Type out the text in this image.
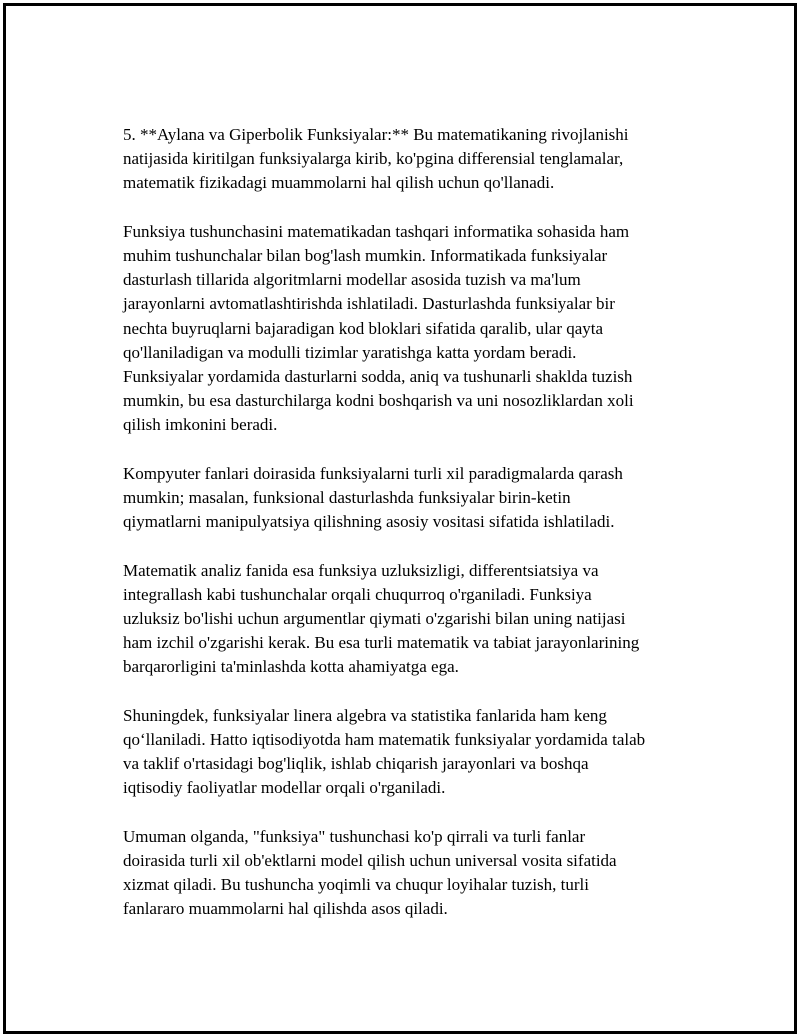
5. **Aylana va Giperbolik Funksiyalar:** Bu matematikaning rivojlanishi
natijasida kiritilgan funksiyalarga kirib, ko'pgina differensial tenglamalar,
matematik fizikadagi muammolarni hal qilish uchun qo'llanadi.

Funksiya tushunchasini matematikadan tashqari informatika sohasida ham
muhim tushunchalar bilan bog'lash mumkin. Informatikada funksiyalar
dasturlash tillarida algoritmlarni modellar asosida tuzish va ma'lum
jarayonlarni avtomatlashtirishda ishlatiladi. Dasturlashda funksiyalar bir
nechta buyruqlarni bajaradigan kod bloklari sifatida qaralib, ular qayta
qo'llaniladigan va modulli tizimlar yaratishga katta yordam beradi.
Funksiyalar yordamida dasturlarni sodda, aniq va tushunarli shaklda tuzish
mumkin, bu esa dasturchilarga kodni boshqarish va uni nosozliklardan xoli
qilish imkonini beradi.

Kompyuter fanlari doirasida funksiyalarni turli xil paradigmalarda qarash
mumkin; masalan, funksional dasturlashda funksiyalar birin-ketin
qiymatlarni manipulyatsiya qilishning asosiy vositasi sifatida ishlatiladi.

Matematik analiz fanida esa funksiya uzluksizligi, differentsiatsiya va
integrallash kabi tushunchalar orqali chuqurroq o'rganiladi. Funksiya
uzluksiz bo'lishi uchun argumentlar qiymati o'zgarishi bilan uning natijasi
ham izchil o'zgarishi kerak. Bu esa turli matematik va tabiat jarayonlarining
barqarorligini ta'minlashda kotta ahamiyatga ega.

Shuningdek, funksiyalar linera algebra va statistika fanlarida ham keng
qo‘llaniladi. Hatto iqtisodiyotda ham matematik funksiyalar yordamida talab
va taklif o'rtasidagi bog'liqlik, ishlab chiqarish jarayonlari va boshqa
iqtisodiy faoliyatlar modellar orqali o'rganiladi.

Umuman olganda, "funksiya" tushunchasi ko'p qirrali va turli fanlar
doirasida turli xil ob'ektlarni model qilish uchun universal vosita sifatida
xizmat qiladi. Bu tushuncha yoqimli va chuqur loyihalar tuzish, turli
fanlararo muammolarni hal qilishda asos qiladi.
